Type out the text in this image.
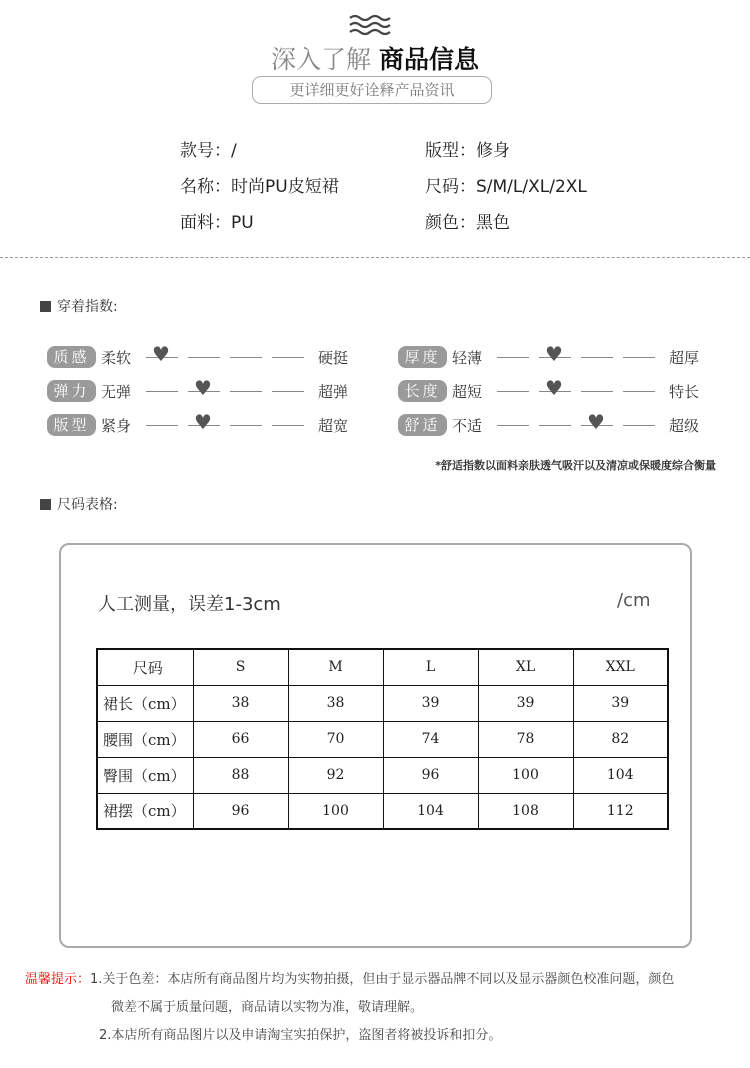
深入了解 商品信息
更详细更好诠释产品资讯
款号：/	版型：修身
名称：时尚PU皮短裙	尺码：S/M/L/XL/2XL
面料：PU	颜色：黑色
穿着指数:
质感 柔软	硬挺
♥	厚度 轻薄	超厚
♥
弹力 无弹	超弹
♥	长度 超短	特长
♥
版型 紧身	超宽
♥	舒适 不适	超级
♥
*舒适指数以面料亲肤透气吸汗以及清凉或保暖度综合衡量
尺码表格:
人工测量，误差1-3cm	/cm
尺码	S	M	L	XL	XXL
裙长（cm）	38	38	39	39	39
腰围（cm）	66	70	74	78	82
臀围（cm）	88	92	96	100	104
裙摆（cm）	96	100	104	108	112
温馨提示：1.关于色差：本店所有商品图片均为实物拍摄，但由于显示器品牌不同以及显示器颜色校准问题，颜色
微差不属于质量问题，商品请以实物为准，敬请理解。
2.本店所有商品图片以及申请淘宝实拍保护，盗图者将被投诉和扣分。
